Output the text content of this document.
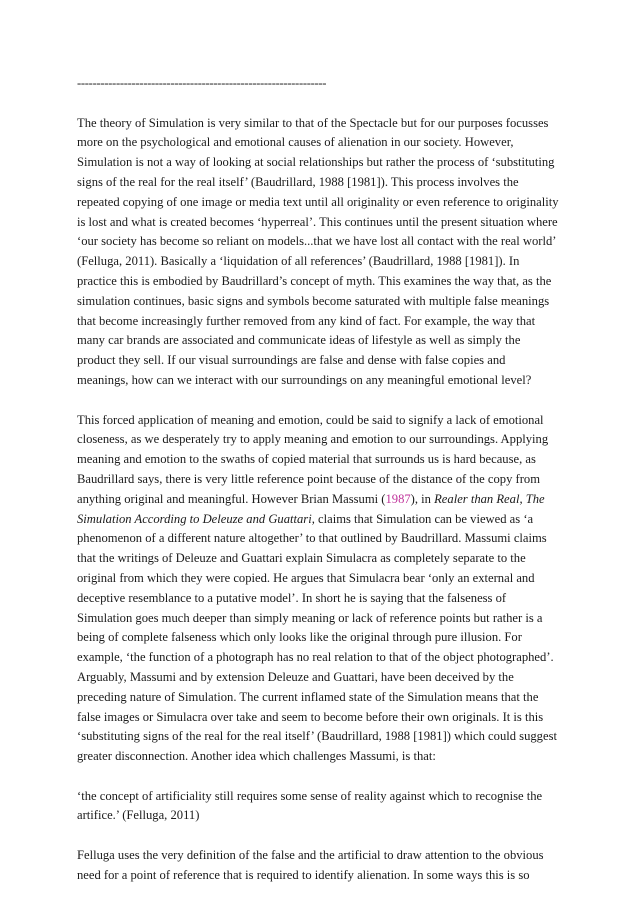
----------------------------------------------------------------

The theory of Simulation is very similar to that of the Spectacle but for our purposes focusses more on the psychological and emotional causes of alienation in our society. However, Simulation is not a way of looking at social relationships but rather the process of ‘substituting signs of the real for the real itself’ (Baudrillard, 1988 [1981]). This process involves the repeated copying of one image or media text until all originality or even reference to originality is lost and what is created becomes ‘hyperreal’. This continues until the present situation where ‘our society has become so reliant on models...that we have lost all contact with the real world’ (Felluga, 2011). Basically a ‘liquidation of all references’ (Baudrillard, 1988 [1981]). In practice this is embodied by Baudrillard’s concept of myth. This examines the way that, as the simulation continues, basic signs and symbols become saturated with multiple false meanings that become increasingly further removed from any kind of fact. For example, the way that many car brands are associated and communicate ideas of lifestyle as well as simply the product they sell. If our visual surroundings are false and dense with false copies and meanings, how can we interact with our surroundings on any meaningful emotional level?

This forced application of meaning and emotion, could be said to signify a lack of emotional closeness, as we desperately try to apply meaning and emotion to our surroundings. Applying meaning and emotion to the swaths of copied material that surrounds us is hard because, as Baudrillard says, there is very little reference point because of the distance of the copy from anything original and meaningful. However Brian Massumi (1987), in Realer than Real, The Simulation According to Deleuze and Guattari, claims that Simulation can be viewed as ‘a phenomenon of a different nature altogether’ to that outlined by Baudrillard. Massumi claims that the writings of Deleuze and Guattari explain Simulacra as completely separate to the original from which they were copied. He argues that Simulacra bear ‘only an external and deceptive resemblance to a putative model’. In short he is saying that the falseness of Simulation goes much deeper than simply meaning or lack of reference points but rather is a being of complete falseness which only looks like the original through pure illusion. For example, ‘the function of a photograph has no real relation to that of the object photographed’. Arguably, Massumi and by extension Deleuze and Guattari, have been deceived by the preceding nature of Simulation. The current inflamed state of the Simulation means that the false images or Simulacra over take and seem to become before their own originals. It is this ‘substituting signs of the real for the real itself’ (Baudrillard, 1988 [1981]) which could suggest greater disconnection. Another idea which challenges Massumi, is that:

‘the concept of artificiality still requires some sense of reality against which to recognise the artifice.’ (Felluga, 2011)

Felluga uses the very definition of the false and the artificial to draw attention to the obvious need for a point of reference that is required to identify alienation. In some ways this is so
